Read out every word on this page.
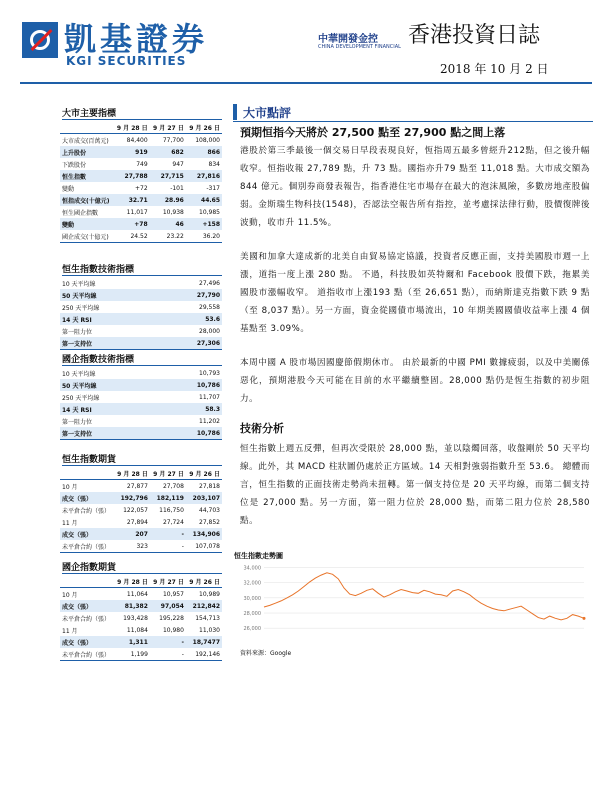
凱基證券
KGI SECURITIES
中華開發金控
CHINA DEVELOPMENT FINANCIAL 香港投資日誌
2018 年 10 月 2 日
大市主要指標
	9 月 28 日	9 月 27 日	9 月 26 日
大市成交(百萬元)	84,400	77,700	108,000
上升股份	919	682	866
下跌股份	749	947	834
恒生指數	27,788	27,715	27,816
變動	+72	-101	-317
恒指成交(十億元)	32.71	28.96	44.65
恒生國企指數	11,017	10,938	10,985
變動	+78	46	+158
國企成交(十億元)	24.52	23.22	36.20
恒生指數技術指標
10 天平均線	27,496
50 天平均線	27,790
250 天平均線	29,558
14 天 RSI	53.6
第一阻力位	28,000
第一支持位	27,306
國企指數技術指標
10 天平均線	10,793
50 天平均線	10,786
250 天平均線	11,707
14 天 RSI	58.3
第一阻力位	11,202
第一支持位	10,786
恒生指數期貨
	9 月 28 日	9 月 27 日	9 月 26 日
10 月	27,877	27,708	27,818
成交（張）	192,796	182,119	203,107
未平倉合約（張）	122,057	116,750	44,703
11 月	27,894	27,724	27,852
成交（張）	207	-	134,906
未平倉合約（張）	323	-	107,078
國企指數期貨
	9 月 28 日	9 月 27 日	9 月 26 日
10 月	11,064	10,957	10,989
成交（張）	81,382	97,054	212,842
未平倉合約（張）	193,428	195,228	154,713
11 月	11,084	10,980	11,030
成交（張）	1,311	-	18,7477
未平倉合約（張）	1,199	-	192,146
大市點評
預期恒指今天將於 27,500 點至 27,900 點之間上落
港股於第三季最後一個交易日早段表現良好，恆指周五最多曾經升212點，但之後升幅收窄。恒指收報 27,789 點，升 73 點。國指亦升79 點至 11,018 點。大市成交額為 844 億元。個別券商發表報告，指香港住宅市場存在最大的泡沫風險，多數房地產股偏弱。金斯瑞生物科技(1548)，否認法空報告所有指控，並考慮採法律行動，股價復牌後波動，收市升 11.5%。
美國和加拿大達成新的北美自由貿易協定協議，投資者反應正面，支持美國股市週一上漲，道指一度上漲 280 點。 不過，科技股如英特爾和 Facebook 股價下跌，拖累美國股市漲幅收窄。 道指收市上漲193 點（至 26,651 點），而納斯達克指數下跌 9 點（至 8,037 點）。另一方面，資金從國債市場流出，10 年期美國國債收益率上漲 4 個基點至 3.09%。
本周中國 A 股市場因國慶節假期休市。 由於最新的中國 PMI 數據疲弱，以及中美關係惡化，預期港股今天可能在目前的水平繼續整固。28,000 點仍是恆生指數的初步阻力。
技術分析
恒生指數上週五反彈，但再次受限於 28,000 點，並以陰燭回落，收盤剛於 50 天平均線。此外，其 MACD 柱狀圖仍處於正方區域。14 天相對強弱指數升至 53.6。 總體而言，恒生指數的正面技術走勢尚未扭轉。第一個支持位是 20 天平均線，而第二個支持位是 27,000 點。另一方面，第一阻力位於 28,000 點，而第二阻力位於 28,580 點。
恒生指數走勢圖
34,000
32,000
30,000
28,000
26,000
資料來源：Google
